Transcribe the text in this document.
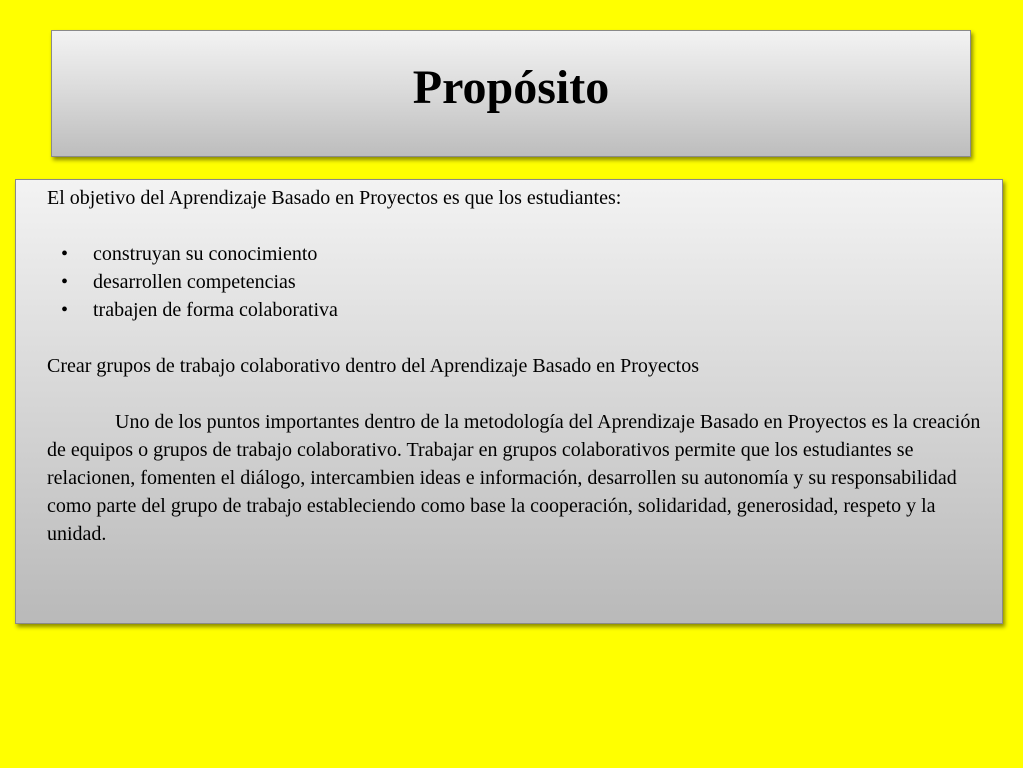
Propósito

El objetivo del Aprendizaje Basado en Proyectos es que los estudiantes:

• construyan su conocimiento
• desarrollen competencias
• trabajen de forma colaborativa

Crear grupos de trabajo colaborativo dentro del Aprendizaje Basado en Proyectos

Uno de los puntos importantes dentro de la metodología del Aprendizaje Basado en Proyectos es la creación de equipos o grupos de trabajo colaborativo. Trabajar en grupos colaborativos permite que los estudiantes se relacionen, fomenten el diálogo, intercambien ideas e información, desarrollen su autonomía y su responsabilidad como parte del grupo de trabajo estableciendo como base la cooperación, solidaridad, generosidad, respeto y la unidad.
